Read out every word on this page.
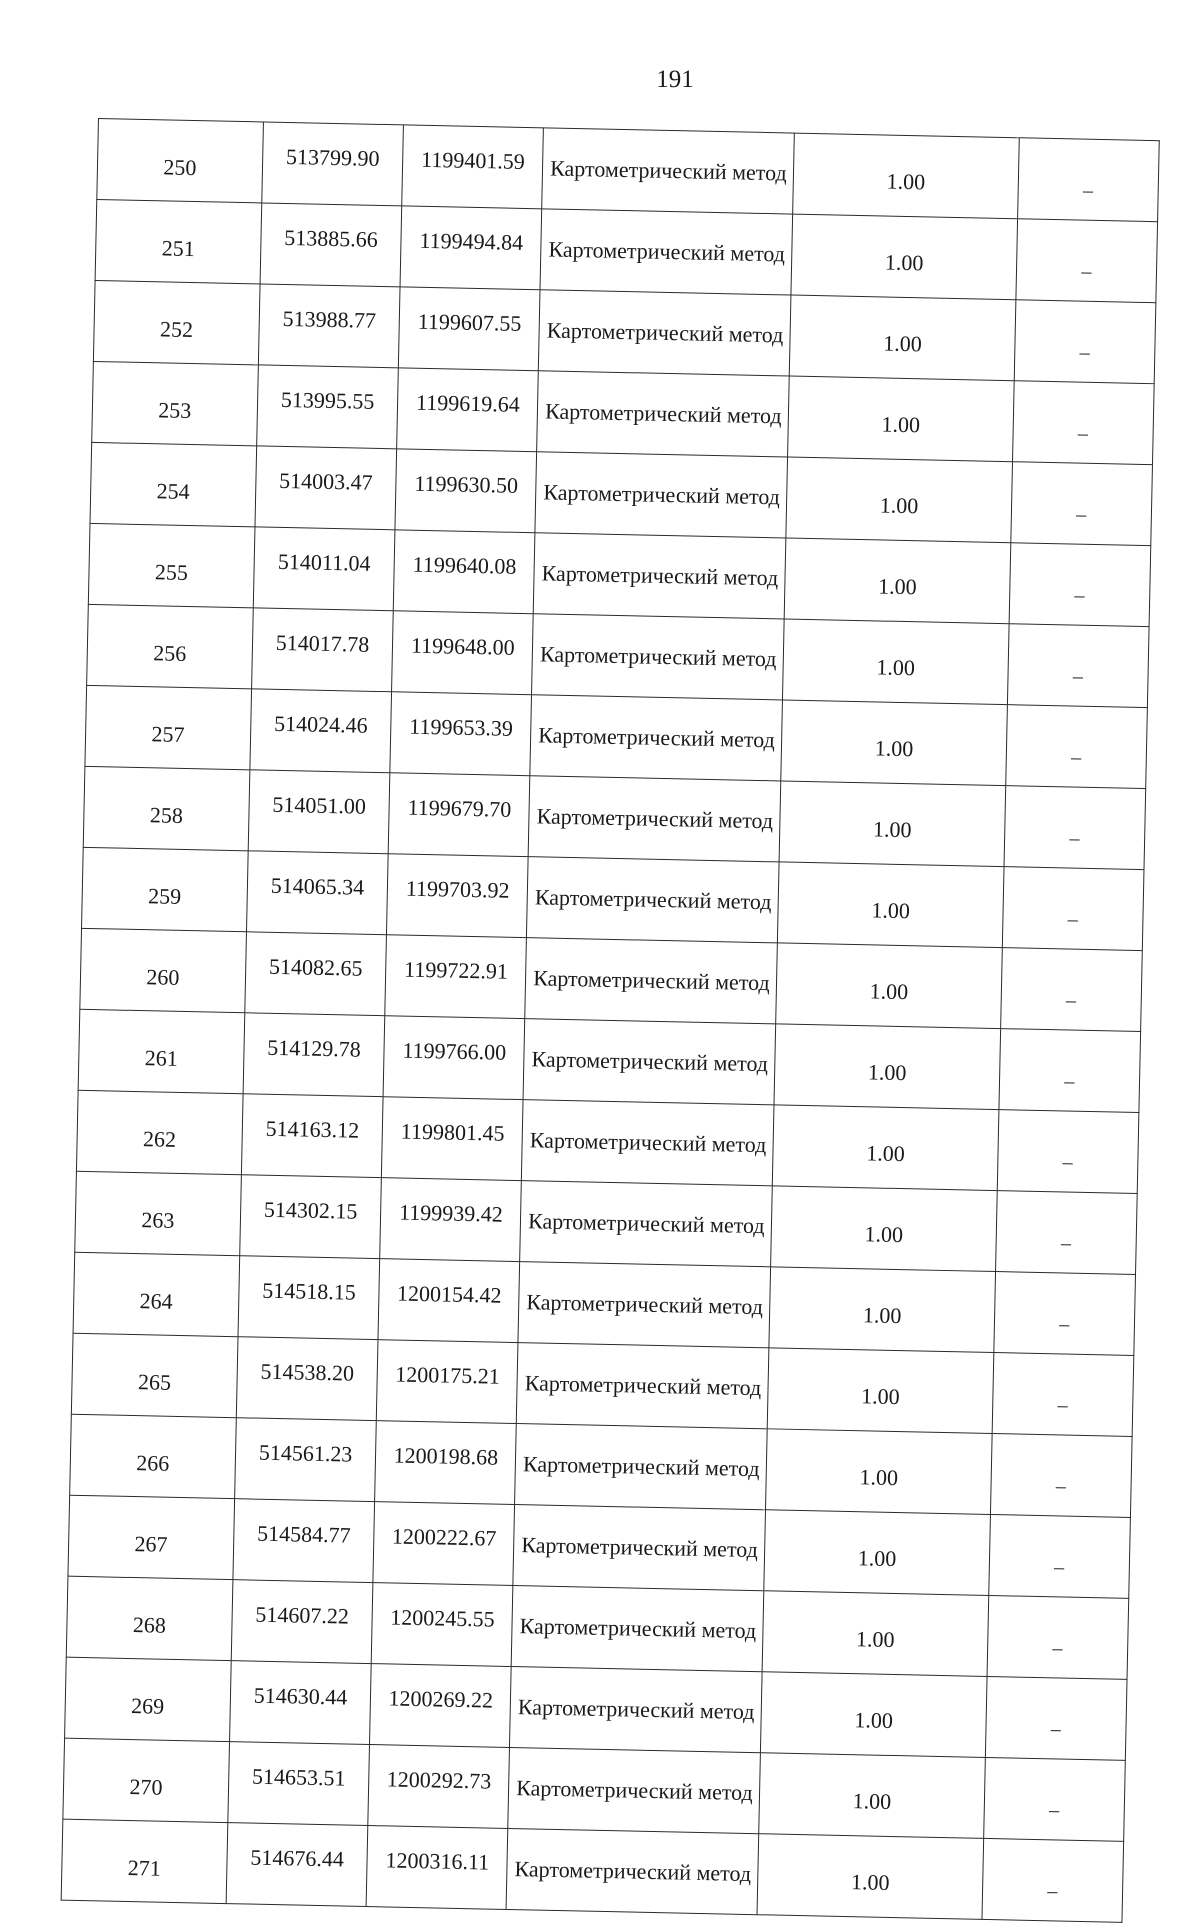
191
250	513799.90	1199401.59	Картометрический метод	1.00	–
251	513885.66	1199494.84	Картометрический метод	1.00	–
252	513988.77	1199607.55	Картометрический метод	1.00	–
253	513995.55	1199619.64	Картометрический метод	1.00	–
254	514003.47	1199630.50	Картометрический метод	1.00	–
255	514011.04	1199640.08	Картометрический метод	1.00	–
256	514017.78	1199648.00	Картометрический метод	1.00	–
257	514024.46	1199653.39	Картометрический метод	1.00	–
258	514051.00	1199679.70	Картометрический метод	1.00	–
259	514065.34	1199703.92	Картометрический метод	1.00	–
260	514082.65	1199722.91	Картометрический метод	1.00	–
261	514129.78	1199766.00	Картометрический метод	1.00	–
262	514163.12	1199801.45	Картометрический метод	1.00	–
263	514302.15	1199939.42	Картометрический метод	1.00	–
264	514518.15	1200154.42	Картометрический метод	1.00	–
265	514538.20	1200175.21	Картометрический метод	1.00	–
266	514561.23	1200198.68	Картометрический метод	1.00	–
267	514584.77	1200222.67	Картометрический метод	1.00	–
268	514607.22	1200245.55	Картометрический метод	1.00	–
269	514630.44	1200269.22	Картометрический метод	1.00	–
270	514653.51	1200292.73	Картометрический метод	1.00	–
271	514676.44	1200316.11	Картометрический метод	1.00	–
